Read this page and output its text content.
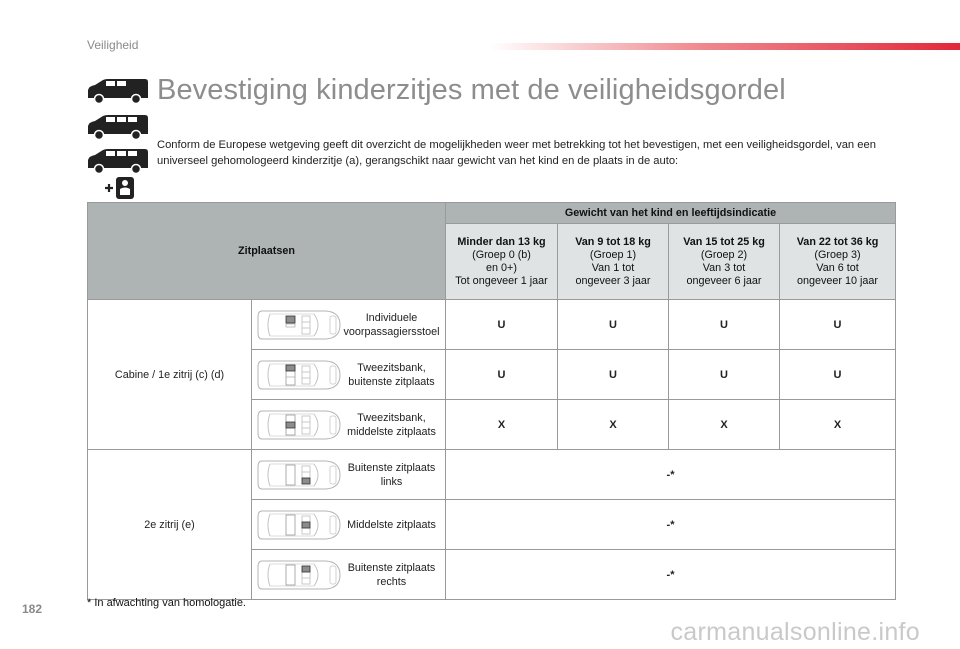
Veiligheid
Bevestiging kinderzitjes met de veiligheidsgordel

Conform de Europese wetgeving geeft dit overzicht de mogelijkheden weer met betrekking tot het bevestigen, met een veiligheidsgordel, van een universeel gehomologeerd kinderzitje (a), gerangschikt naar gewicht van het kind en de plaats in de auto:

Zitplaatsen		Gewicht van het kind en leeftijdsindicatie			
		Minder dan 13 kg
(Groep 0 (b)
en 0+)
Tot ongeveer 1 jaar	Van 9 tot 18 kg
(Groep 1)
Van 1 tot
ongeveer 3 jaar	Van 15 tot 25 kg
(Groep 2)
Van 3 tot
ongeveer 6 jaar	Van 22 tot 36 kg
(Groep 3)
Van 6 tot
ongeveer 10 jaar
Cabine / 1e zitrij (c) (d)	Individuele voorpassagiersstoel	U	U	U	U

	Tweezitsbank, buitenste zitplaats	U	U	U	U

	Tweezitsbank, middelste zitplaats	X	X	X	X
2e zitrij (e)	Buitenste zitplaats links	-*			

	Middelste zitplaats	-*			

	Buitenste zitplaats rechts	-*			
* In afwachting van homologatie.
182
carmanualsonline.info
